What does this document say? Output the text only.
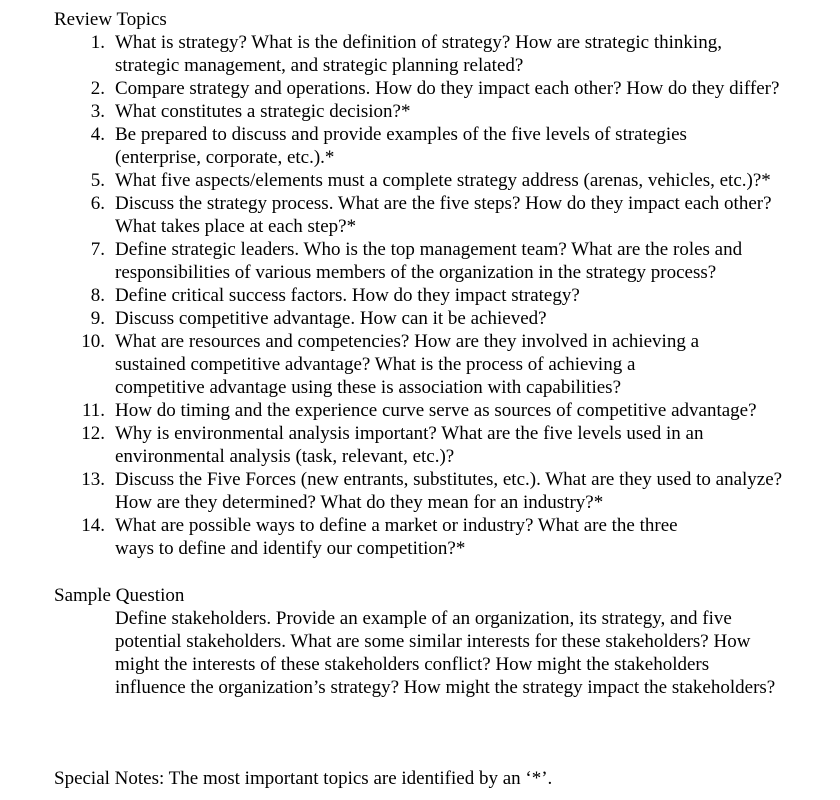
Review Topics
1. What is strategy? What is the definition of strategy? How are strategic thinking,
strategic management, and strategic planning related?
2. Compare strategy and operations. How do they impact each other? How do they differ?
3. What constitutes a strategic decision?*
4. Be prepared to discuss and provide examples of the five levels of strategies
(enterprise, corporate, etc.).*
5. What five aspects/elements must a complete strategy address (arenas, vehicles, etc.)?*
6. Discuss the strategy process. What are the five steps? How do they impact each other?
What takes place at each step?*
7. Define strategic leaders. Who is the top management team? What are the roles and
responsibilities of various members of the organization in the strategy process?
8. Define critical success factors. How do they impact strategy?
9. Discuss competitive advantage. How can it be achieved?
10. What are resources and competencies? How are they involved in achieving a
sustained competitive advantage? What is the process of achieving a
competitive advantage using these is association with capabilities?
11. How do timing and the experience curve serve as sources of competitive advantage?
12. Why is environmental analysis important? What are the five levels used in an
environmental analysis (task, relevant, etc.)?
13. Discuss the Five Forces (new entrants, substitutes, etc.). What are they used to analyze?
How are they determined? What do they mean for an industry?*
14. What are possible ways to define a market or industry? What are the three
ways to define and identify our competition?*
Sample Question

Define stakeholders. Provide an example of an organization, its strategy, and five
potential stakeholders. What are some similar interests for these stakeholders? How
might the interests of these stakeholders conflict? How might the stakeholders
influence the organization’s strategy? How might the strategy impact the stakeholders?

Special Notes: The most important topics are identified by an ‘*’.
